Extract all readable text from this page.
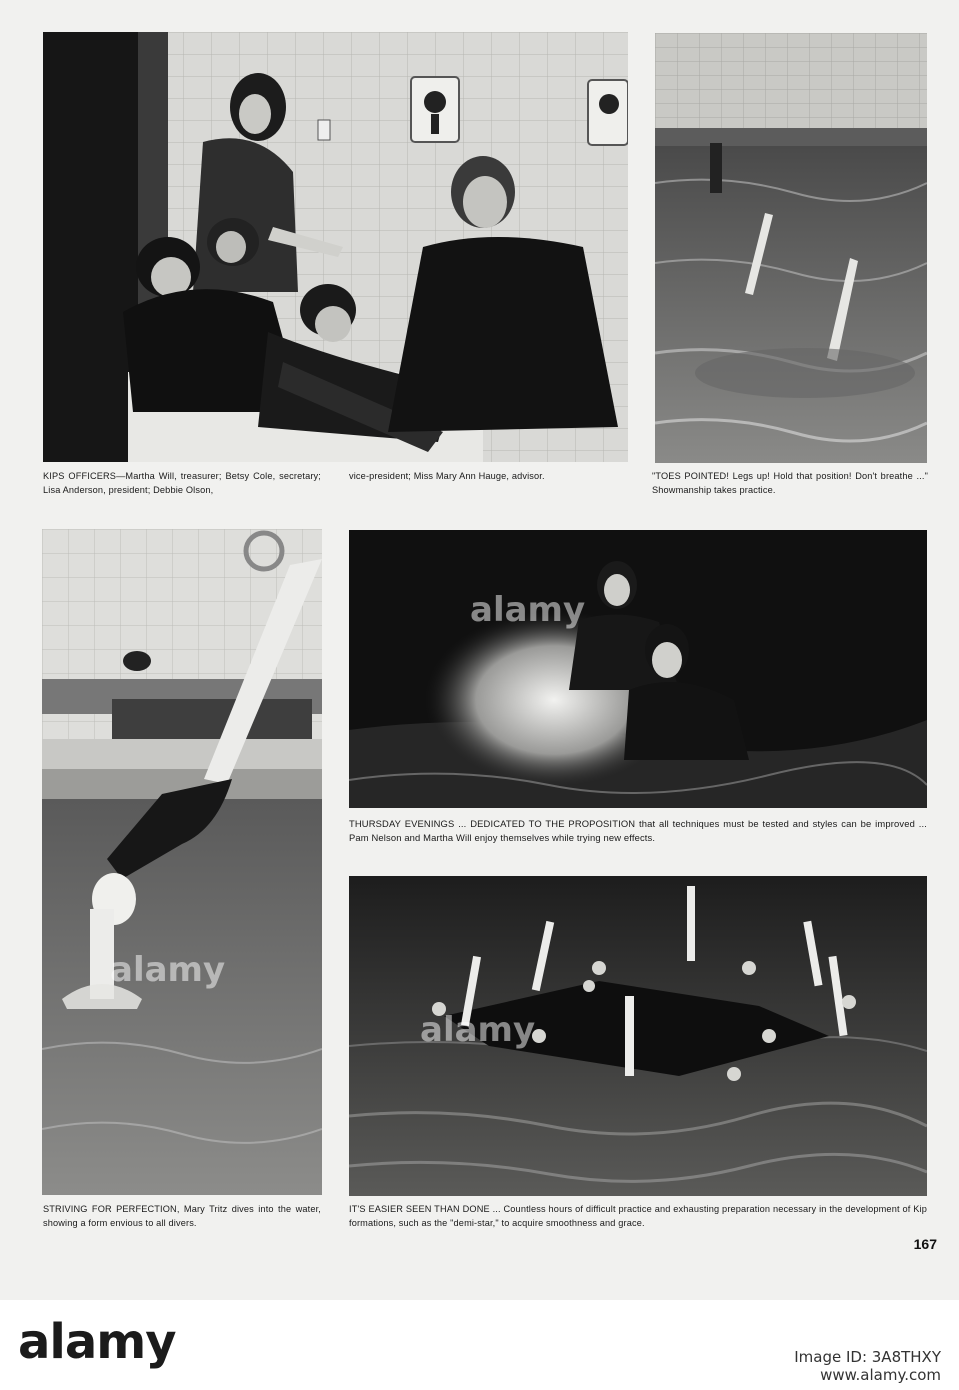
KIPS OFFICERS—Martha Will, treasurer; Betsy Cole, secretary; Lisa Anderson, president; Debbie Olson,
vice-president; Miss Mary Ann Hauge, advisor.	"TOES POINTED! Legs up! Hold that position! Don't breathe ..." Showmanship takes practice.
THURSDAY EVENINGS ... DEDICATED TO THE PROPOSITION that all techniques must be tested and styles can be improved ... Pam Nelson and Martha Will enjoy themselves while trying new effects.
STRIVING FOR PERFECTION, Mary Tritz dives into the water, showing a form envious to all divers.
IT'S EASIER SEEN THAN DONE ... Countless hours of difficult practice and exhausting preparation necessary in the development of Kip formations, such as the "demi-star," to acquire smoothness and grace.
167
alamy
alamy
alamy
alamy	Image ID: 3A8THXY
www.alamy.com
